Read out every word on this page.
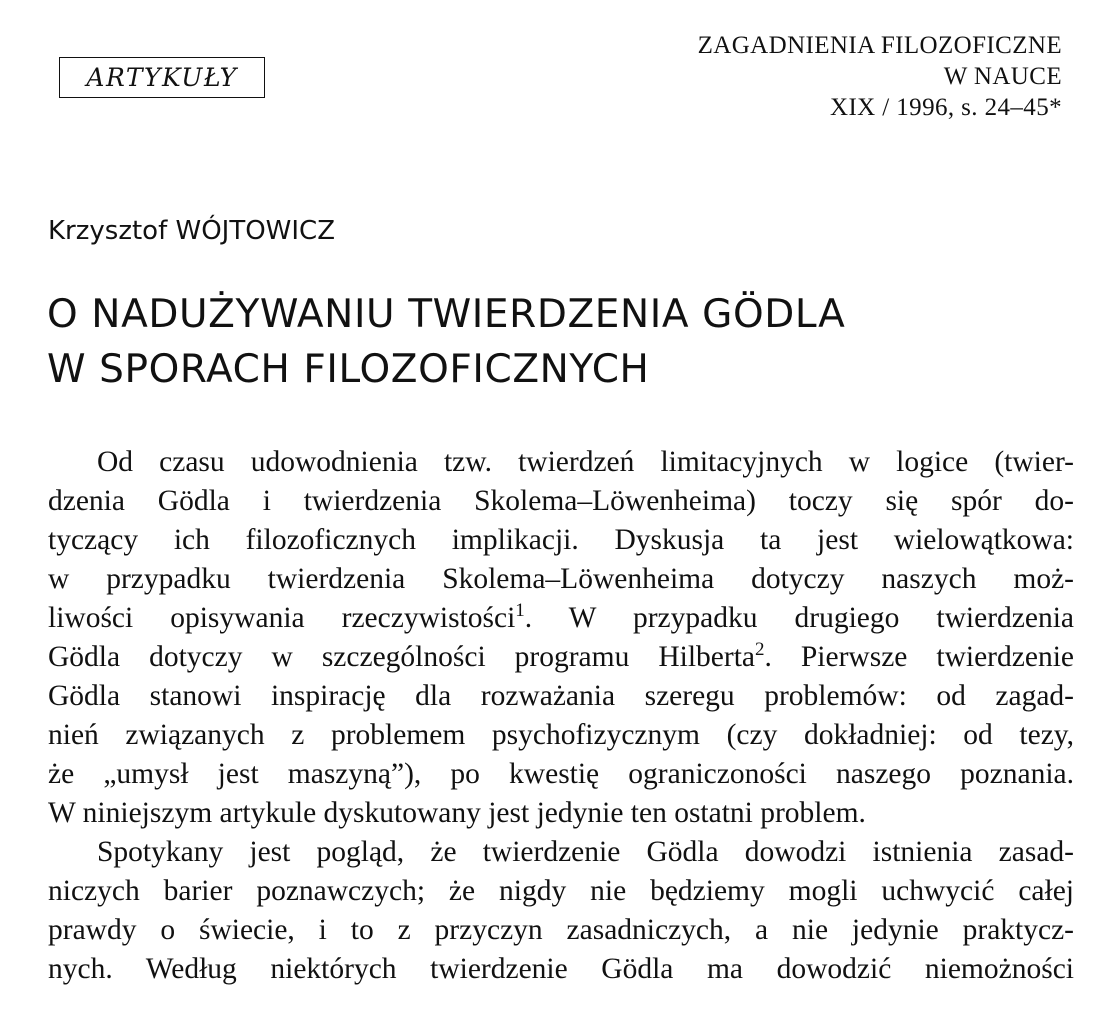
ARTYKUŁY
ZAGADNIENIA FILOZOFICZNE
W NAUCE
XIX / 1996, s. 24–45*
Krzysztof WÓJTOWICZ
O NADUŻYWANIU TWIERDZENIA GÖDLA
W SPORACH FILOZOFICZNYCH
Od czasu udowodnienia tzw. twierdzeń limitacyjnych w logice (twier-
dzenia Gödla i twierdzenia Skolema–Löwenheima) toczy się spór do-
tyczący ich filozoficznych implikacji. Dyskusja ta jest wielowątkowa:
w przypadku twierdzenia Skolema–Löwenheima dotyczy naszych moż-
liwości opisywania rzeczywistości$^1$. W przypadku drugiego twierdzenia
Gödla dotyczy w szczególności programu Hilberta$^2$. Pierwsze twierdzenie
Gödla stanowi inspirację dla rozważania szeregu problemów: od zagad-
nień związanych z problemem psychofizycznym (czy dokładniej: od tezy,
że „umysł jest maszyną”), po kwestię ograniczoności naszego poznania.
W niniejszym artykule dyskutowany jest jedynie ten ostatni problem.
Spotykany jest pogląd, że twierdzenie Gödla dowodzi istnienia zasad-
niczych barier poznawczych; że nigdy nie będziemy mogli uchwycić całej
prawdy o świecie, i to z przyczyn zasadniczych, a nie jedynie praktycz-
nych. Według niektórych twierdzenie Gödla ma dowodzić niemożności
